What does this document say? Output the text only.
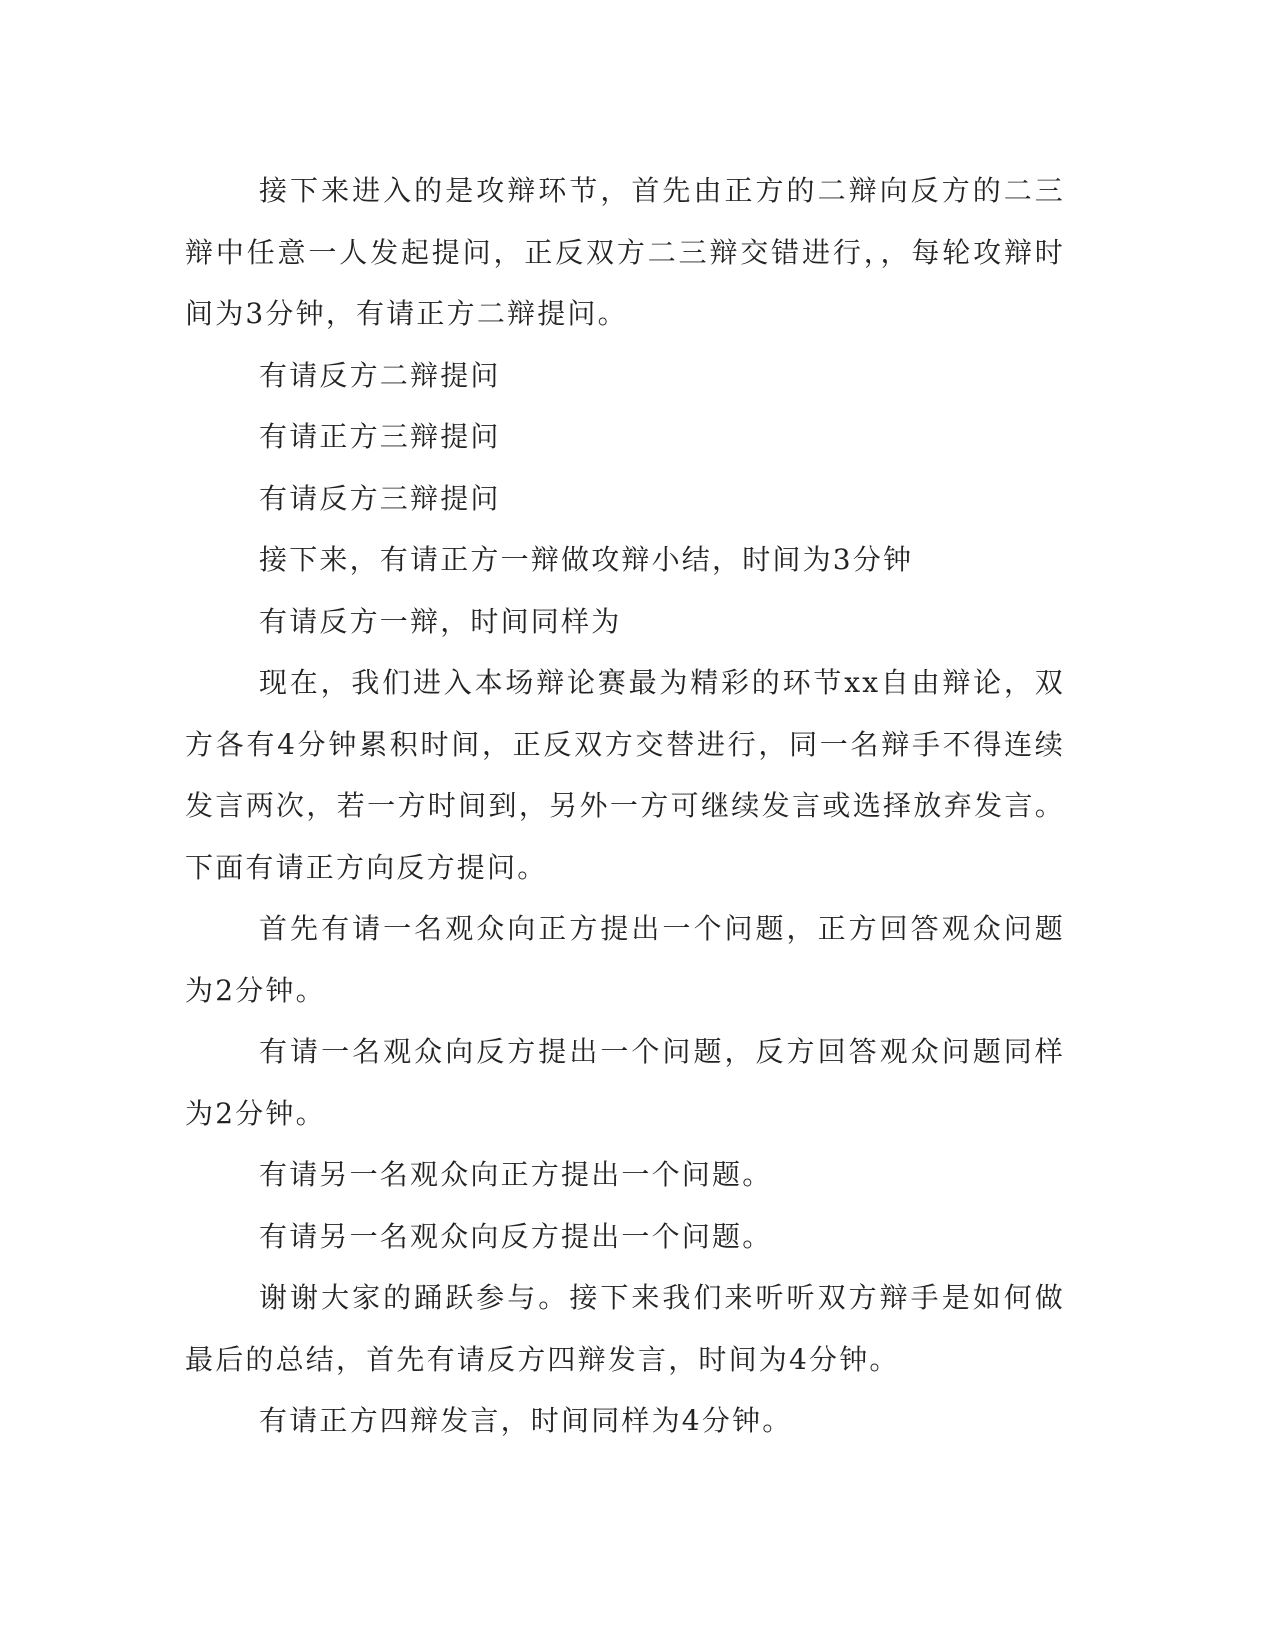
接下来进入的是攻辩环节，首先由正方的二辩向反方的二三辩中任意一人发起提问，正反双方二三辩交错进行，，每轮攻辩时间为3分钟，有请正方二辩提问。

有请反方二辩提问

有请正方三辩提问

有请反方三辩提问

接下来，有请正方一辩做攻辩小结，时间为3分钟

有请反方一辩，时间同样为

现在，我们进入本场辩论赛最为精彩的环节xx自由辩论，双方各有4分钟累积时间，正反双方交替进行，同一名辩手不得连续发言两次，若一方时间到，另外一方可继续发言或选择放弃发言。下面有请正方向反方提问。

首先有请一名观众向正方提出一个问题，正方回答观众问题为2分钟。

有请一名观众向反方提出一个问题，反方回答观众问题同样为2分钟。

有请另一名观众向正方提出一个问题。

有请另一名观众向反方提出一个问题。

谢谢大家的踊跃参与。接下来我们来听听双方辩手是如何做最后的总结，首先有请反方四辩发言，时间为4分钟。

有请正方四辩发言，时间同样为4分钟。
